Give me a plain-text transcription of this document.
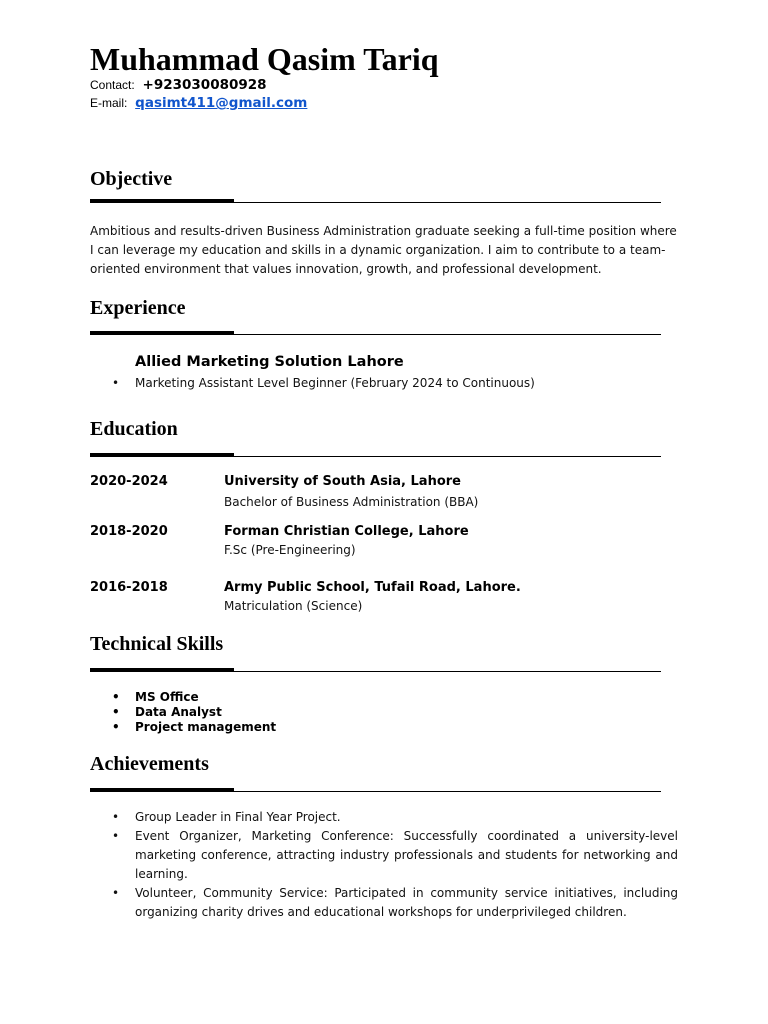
Muhammad Qasim Tariq
Contact: +923030080928
E-mail: qasimt411@gmail.com
Objective

Ambitious and results-driven Business Administration graduate seeking a full-time position where I can leverage my education and skills in a dynamic organization. I aim to contribute to a team-oriented environment that values innovation, growth, and professional development.

Experience
Allied Marketing Solution Lahore
• Marketing Assistant Level Beginner (February 2024 to Continuous)
Education
2020-2024	University of South Asia, Lahore
Bachelor of Business Administration (BBA)
2018-2020	Forman Christian College, Lahore
F.Sc (Pre-Engineering)
2016-2018	Army Public School, Tufail Road, Lahore.
Matriculation (Science)
Technical Skills
• MS Office
• Data Analyst
• Project management
Achievements
• Group Leader in Final Year Project.
• Event Organizer, Marketing Conference: Successfully coordinated a university-level marketing conference, attracting industry professionals and students for networking and learning.
• Volunteer, Community Service: Participated in community service initiatives, including organizing charity drives and educational workshops for underprivileged children.
